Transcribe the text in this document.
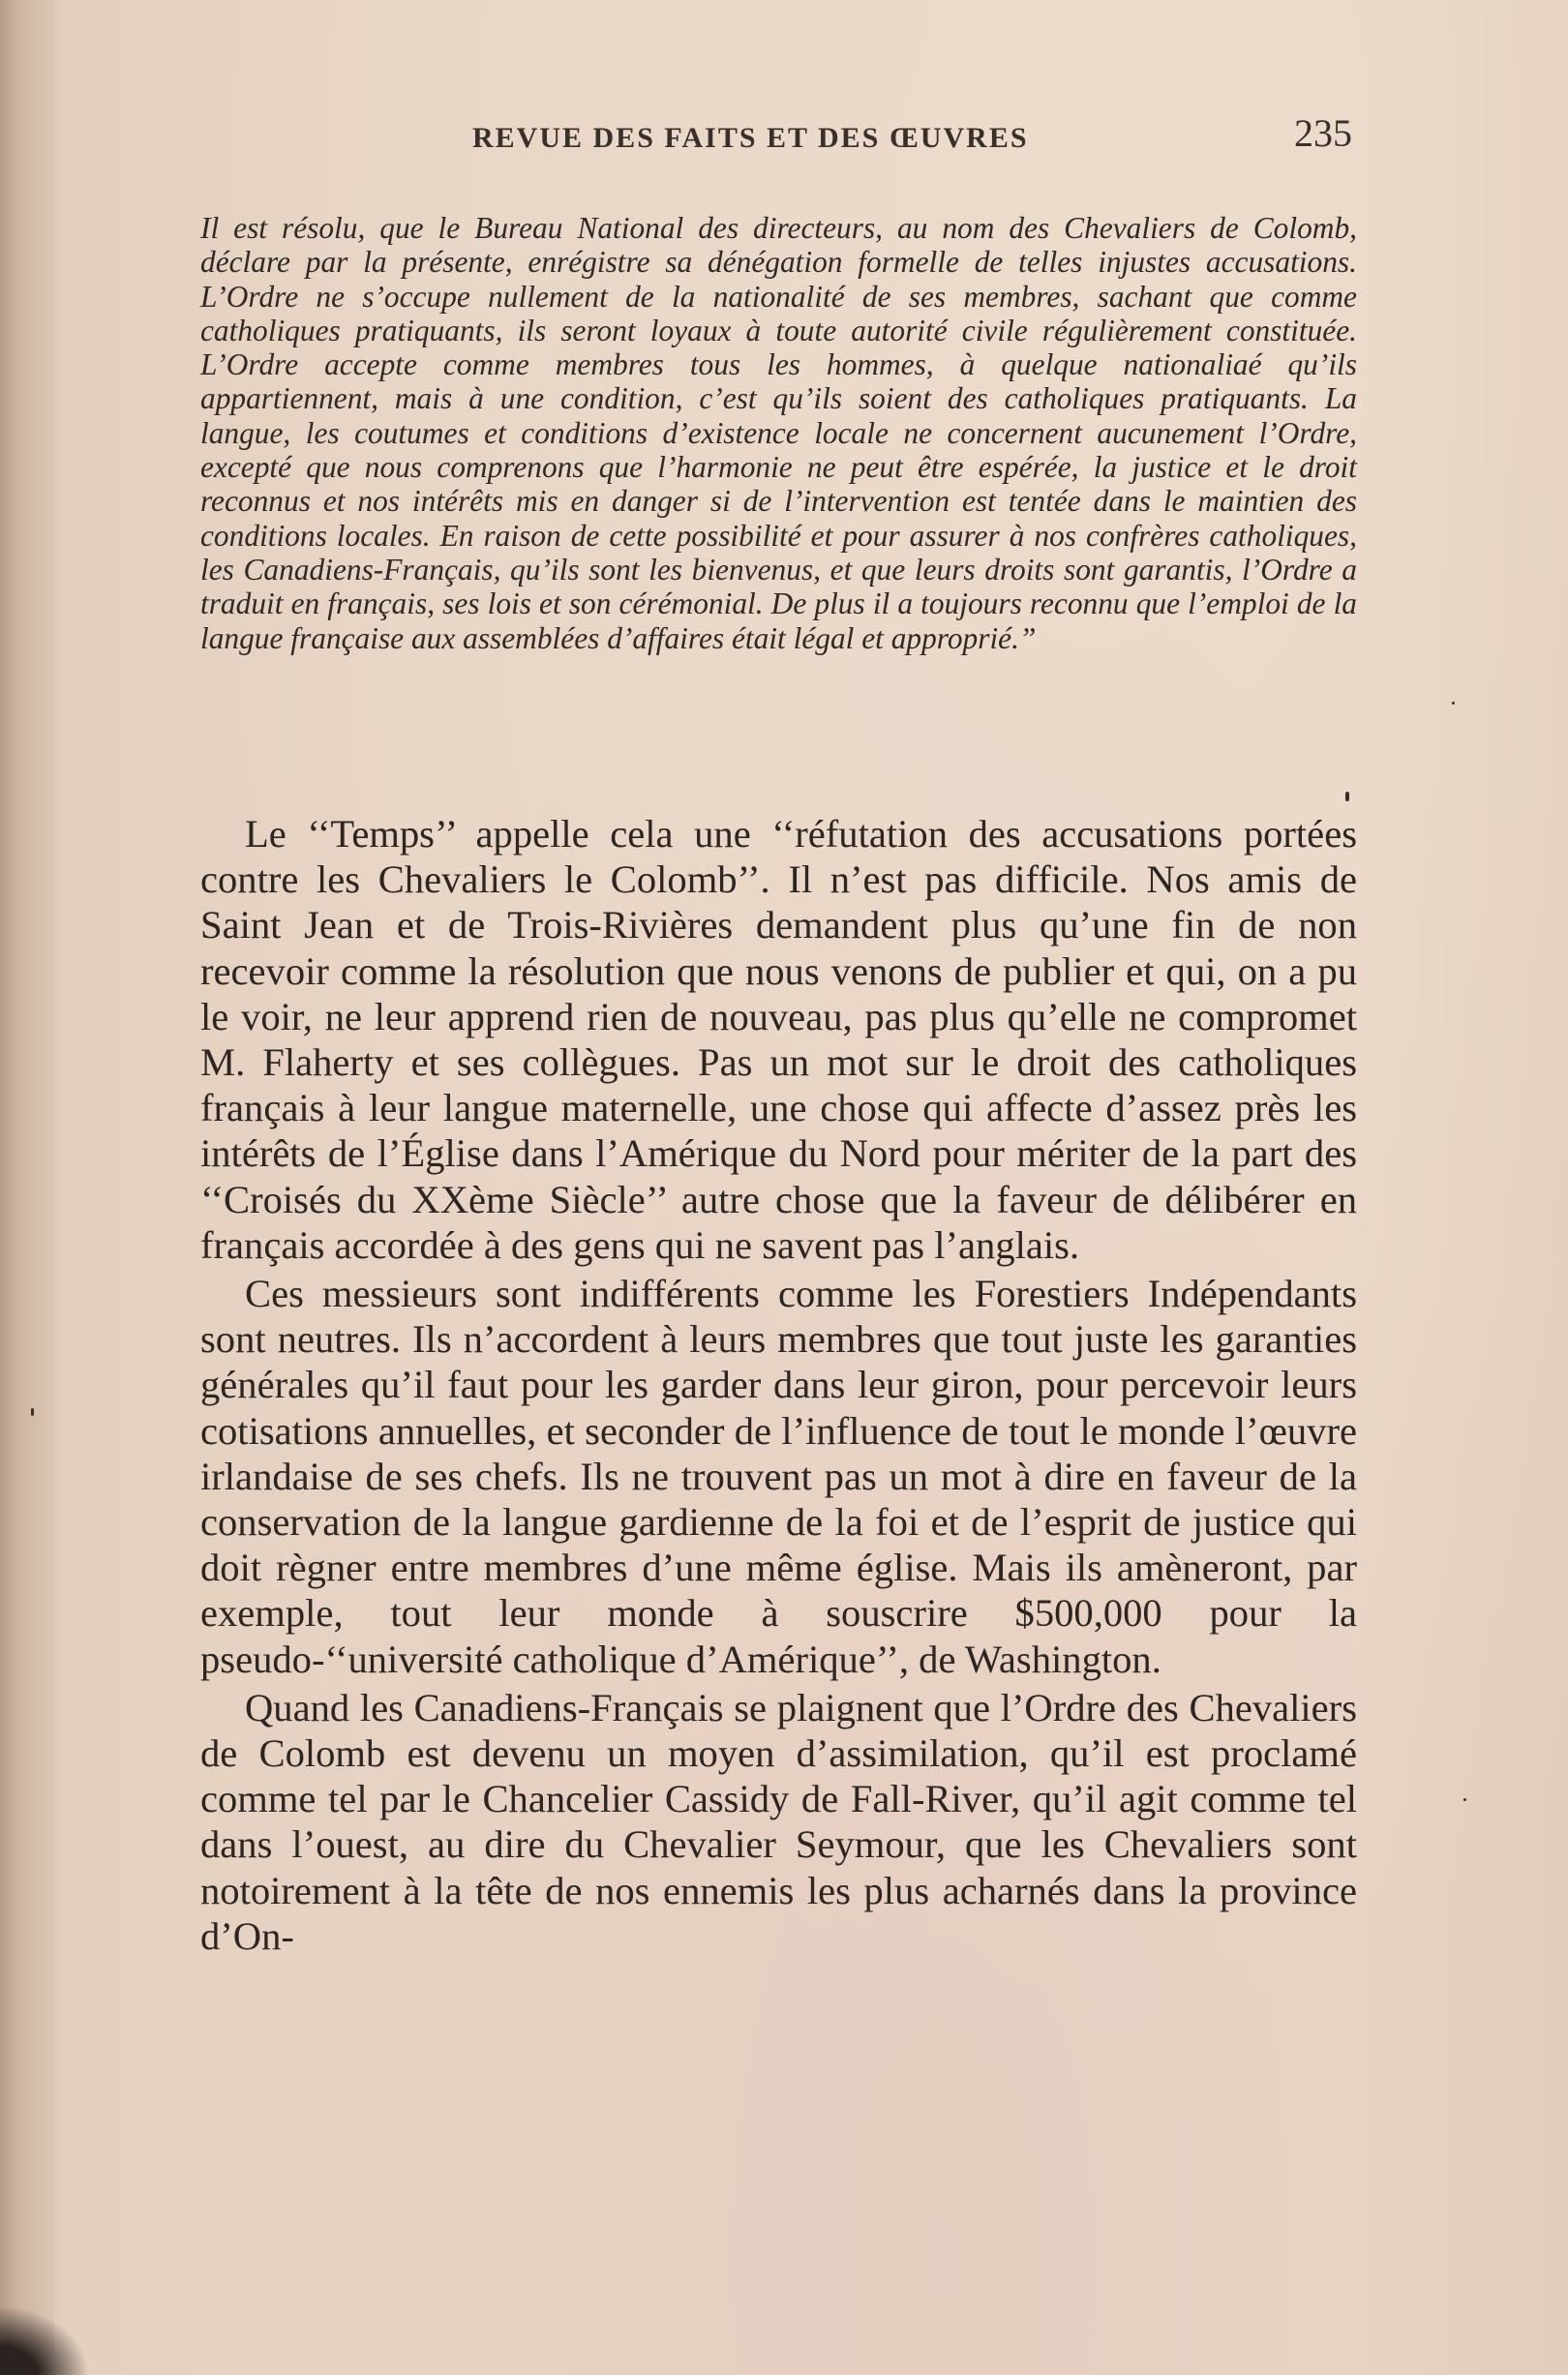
REVUE DES FAITS ET DES ŒUVRES	235

Il est résolu, que le Bureau National des directeurs, au nom des Chevaliers de Colomb, déclare par la présente, enrégistre sa dénégation formelle de telles injustes accusations. L’Ordre ne s’occupe nullement de la nationalité de ses membres, sachant que comme catholiques pratiquants, ils seront loyaux à toute autorité civile régulièrement constituée. L’Ordre accepte comme membres tous les hommes, à quelque nationaliaé qu’ils appartiennent, mais à une condition, c’est qu’ils soient des catholiques pratiquants. La langue, les coutumes et conditions d’existence locale ne concernent aucunement l’Ordre, excepté que nous comprenons que l’harmonie ne peut être espérée, la justice et le droit reconnus et nos intérêts mis en danger si de l’intervention est tentée dans le maintien des conditions locales. En raison de cette possibilité et pour assurer à nos confrères catholiques, les Canadiens-Français, qu’ils sont les bienvenus, et que leurs droits sont garantis, l’Ordre a traduit en français, ses lois et son cérémonial. De plus il a toujours reconnu que l’emploi de la langue française aux assemblées d’affaires était légal et approprié.”

Le ‘‘Temps’’ appelle cela une ‘‘réfutation des accusations portées contre les Chevaliers le Colomb’’. Il n’est pas difficile. Nos amis de Saint Jean et de Trois-Rivières demandent plus qu’une fin de non recevoir comme la résolution que nous venons de publier et qui, on a pu le voir, ne leur apprend rien de nouveau, pas plus qu’elle ne compromet M. Flaherty et ses collègues. Pas un mot sur le droit des catholiques français à leur langue maternelle, une chose qui affecte d’assez près les intérêts de l’Église dans l’Amérique du Nord pour mériter de la part des ‘‘Croisés du XXème Siècle’’ autre chose que la faveur de délibérer en français accordée à des gens qui ne savent pas l’anglais.

Ces messieurs sont indifférents comme les Forestiers Indépendants sont neutres. Ils n’accordent à leurs membres que tout juste les garanties générales qu’il faut pour les garder dans leur giron, pour percevoir leurs cotisations annuelles, et seconder de l’influence de tout le monde l’œuvre irlandaise de ses chefs. Ils ne trouvent pas un mot à dire en faveur de la conservation de la langue gardienne de la foi et de l’esprit de justice qui doit règner entre membres d’une même église. Mais ils amèneront, par exemple, tout leur monde à souscrire $500,000 pour la pseudo-‘‘université catholique d’Amérique’’, de Washington.

Quand les Canadiens-Français se plaignent que l’Ordre des Chevaliers de Colomb est devenu un moyen d’assimilation, qu’il est proclamé comme tel par le Chancelier Cassidy de Fall-River, qu’il agit comme tel dans l’ouest, au dire du Chevalier Seymour, que les Chevaliers sont notoirement à la tête de nos ennemis les plus acharnés dans la province d’On-
